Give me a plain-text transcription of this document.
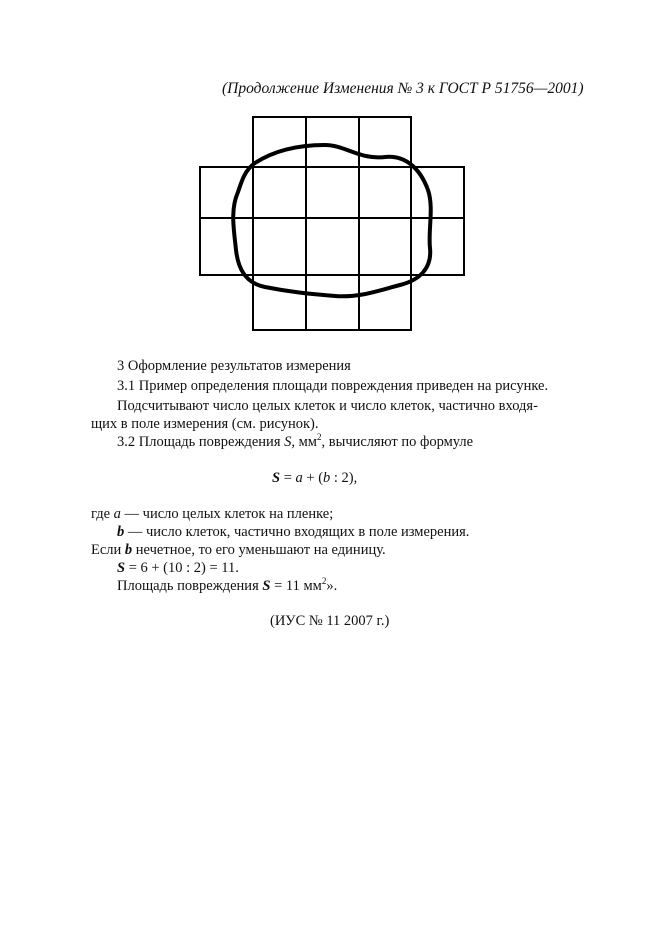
(Продолжение Изменения № 3 к ГОСТ Р 51756—2001)
3 Оформление результатов измерения
3.1 Пример определения площади повреждения приведен на рисунке.
Подсчитывают число целых клеток и число клеток, частично входя-
щих в поле измерения (см. рисунок).
3.2 Площадь повреждения S, $мм^2$, вычисляют по формуле
S = a + (b : 2),
где a — число целых клеток на пленке;
b — число клеток, частично входящих в поле измерения.
Если b нечетное, то его уменьшают на единицу.
S = 6 + (10 : 2) = 11.
Площадь повреждения S = 11 $мм^2$».
(ИУС № 11 2007 г.)
